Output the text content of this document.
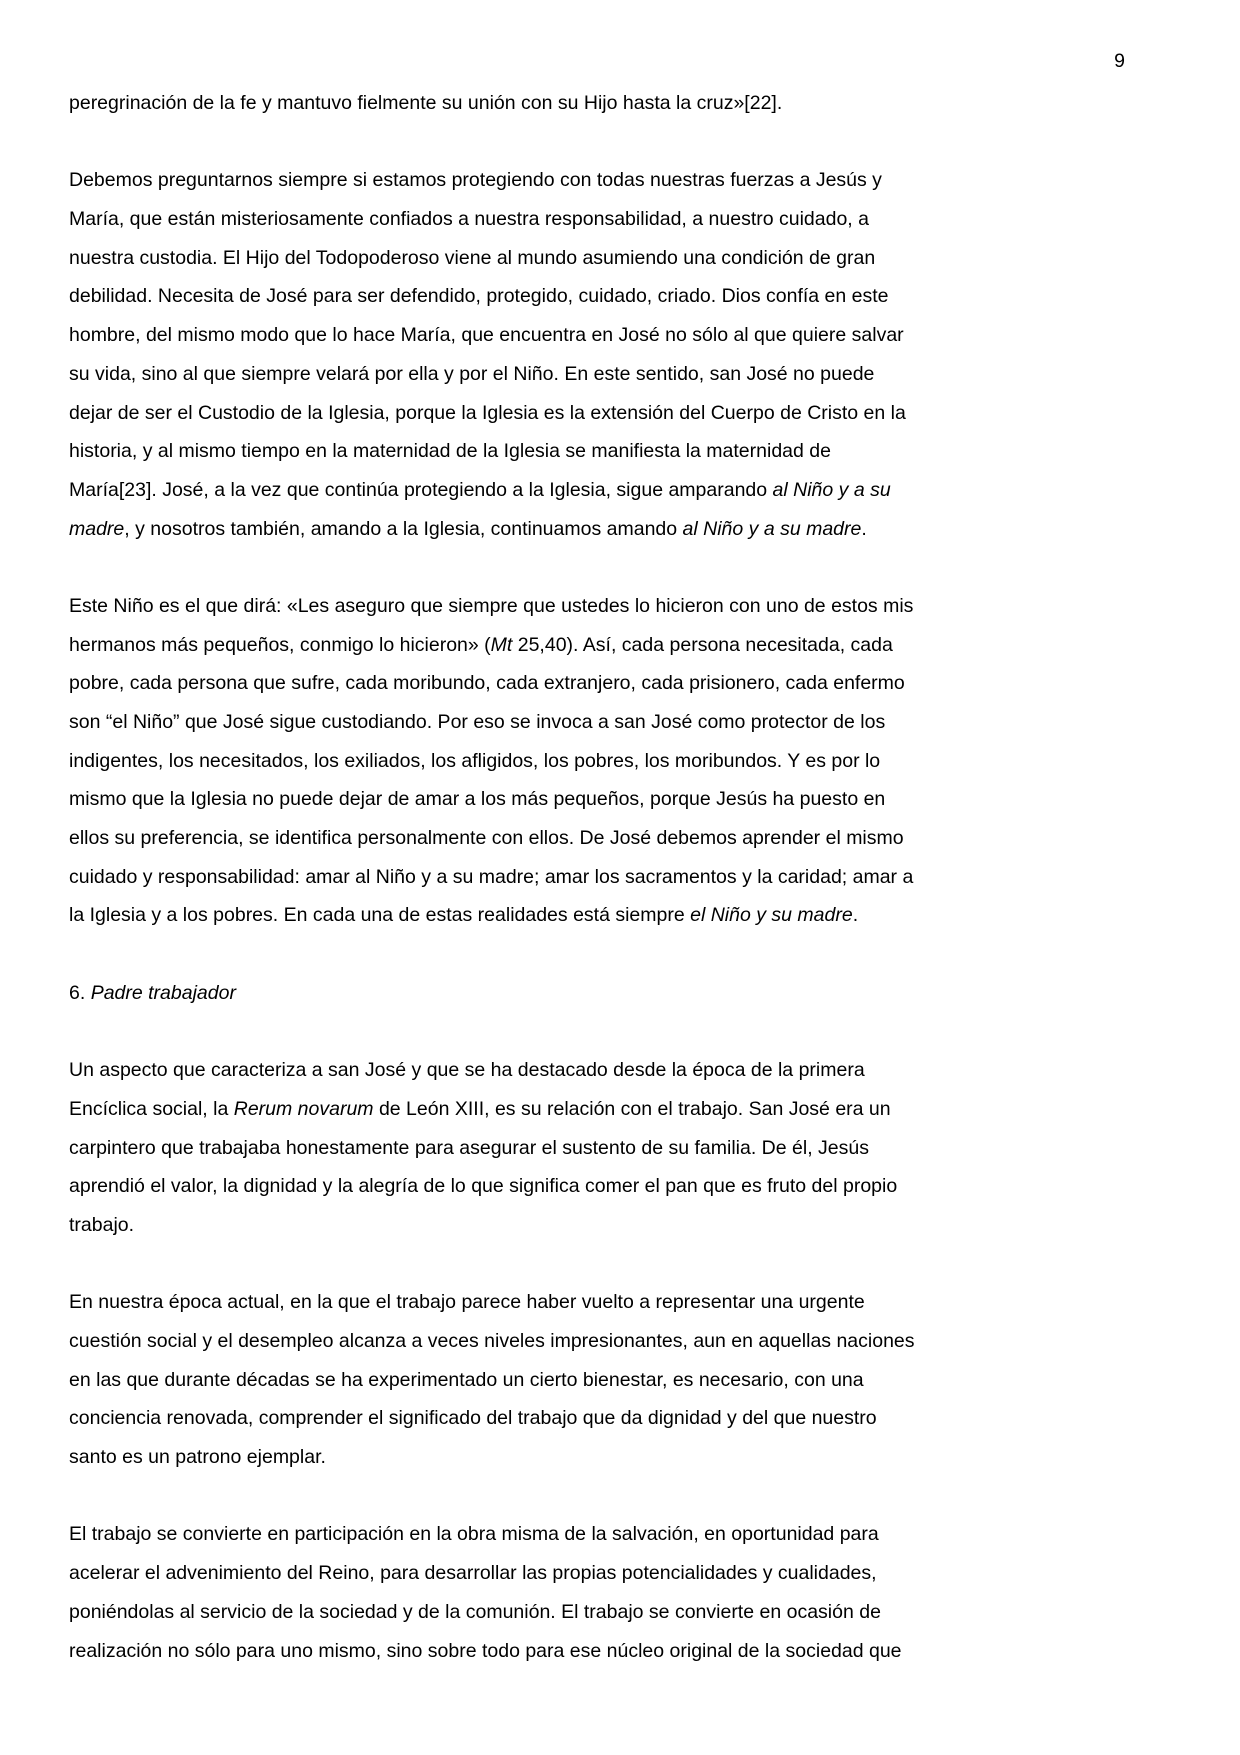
9
peregrinación de la fe y mantuvo fielmente su unión con su Hijo hasta la cruz»[22].
Debemos preguntarnos siempre si estamos protegiendo con todas nuestras fuerzas a Jesús y
María, que están misteriosamente confiados a nuestra responsabilidad, a nuestro cuidado, a
nuestra custodia. El Hijo del Todopoderoso viene al mundo asumiendo una condición de gran
debilidad. Necesita de José para ser defendido, protegido, cuidado, criado. Dios confía en este
hombre, del mismo modo que lo hace María, que encuentra en José no sólo al que quiere salvar
su vida, sino al que siempre velará por ella y por el Niño. En este sentido, san José no puede
dejar de ser el Custodio de la Iglesia, porque la Iglesia es la extensión del Cuerpo de Cristo en la
historia, y al mismo tiempo en la maternidad de la Iglesia se manifiesta la maternidad de
María[23]. José, a la vez que continúa protegiendo a la Iglesia, sigue amparando al Niño y a su
madre, y nosotros también, amando a la Iglesia, continuamos amando al Niño y a su madre.
Este Niño es el que dirá: «Les aseguro que siempre que ustedes lo hicieron con uno de estos mis
hermanos más pequeños, conmigo lo hicieron» (Mt 25,40). Así, cada persona necesitada, cada
pobre, cada persona que sufre, cada moribundo, cada extranjero, cada prisionero, cada enfermo
son “el Niño” que José sigue custodiando. Por eso se invoca a san José como protector de los
indigentes, los necesitados, los exiliados, los afligidos, los pobres, los moribundos. Y es por lo
mismo que la Iglesia no puede dejar de amar a los más pequeños, porque Jesús ha puesto en
ellos su preferencia, se identifica personalmente con ellos. De José debemos aprender el mismo
cuidado y responsabilidad: amar al Niño y a su madre; amar los sacramentos y la caridad; amar a
la Iglesia y a los pobres. En cada una de estas realidades está siempre el Niño y su madre.
6. Padre trabajador
Un aspecto que caracteriza a san José y que se ha destacado desde la época de la primera
Encíclica social, la Rerum novarum de León XIII, es su relación con el trabajo. San José era un
carpintero que trabajaba honestamente para asegurar el sustento de su familia. De él, Jesús
aprendió el valor, la dignidad y la alegría de lo que significa comer el pan que es fruto del propio
trabajo.
En nuestra época actual, en la que el trabajo parece haber vuelto a representar una urgente
cuestión social y el desempleo alcanza a veces niveles impresionantes, aun en aquellas naciones
en las que durante décadas se ha experimentado un cierto bienestar, es necesario, con una
conciencia renovada, comprender el significado del trabajo que da dignidad y del que nuestro
santo es un patrono ejemplar.
El trabajo se convierte en participación en la obra misma de la salvación, en oportunidad para
acelerar el advenimiento del Reino, para desarrollar las propias potencialidades y cualidades,
poniéndolas al servicio de la sociedad y de la comunión. El trabajo se convierte en ocasión de
realización no sólo para uno mismo, sino sobre todo para ese núcleo original de la sociedad que
